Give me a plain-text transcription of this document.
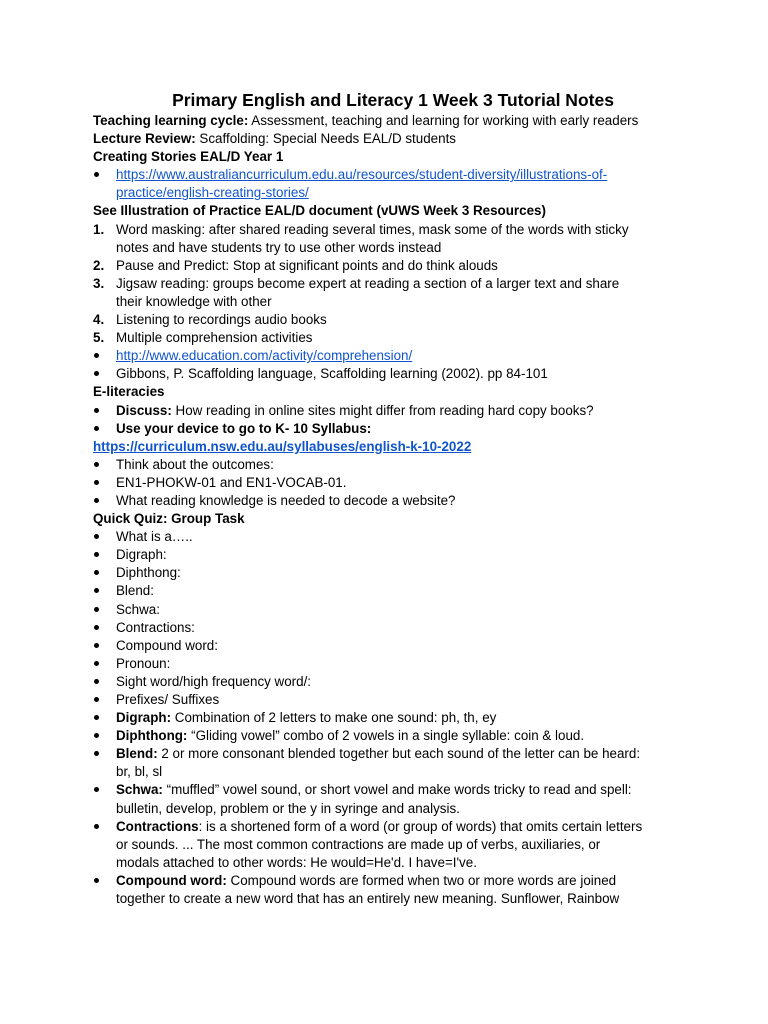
Primary English and Literacy 1 Week 3 Tutorial Notes
Teaching learning cycle: Assessment, teaching and learning for working with early readers
Lecture Review: Scaffolding: Special Needs EAL/D students
Creating Stories EAL/D Year 1
https://www.australiancurriculum.edu.au/resources/student-diversity/illustrations-of-
practice/english-creating-stories/
See Illustration of Practice EAL/D document (vUWS Week 3 Resources)
1. Word masking: after shared reading several times, mask some of the words with sticky
notes and have students try to use other words instead
2. Pause and Predict: Stop at significant points and do think alouds
3. Jigsaw reading: groups become expert at reading a section of a larger text and share
their knowledge with other
4. Listening to recordings audio books
5. Multiple comprehension activities
http://www.education.com/activity/comprehension/
Gibbons, P. Scaffolding language, Scaffolding learning (2002). pp 84-101
E-literacies
Discuss: How reading in online sites might differ from reading hard copy books?
Use your device to go to K- 10 Syllabus:
https://curriculum.nsw.edu.au/syllabuses/english-k-10-2022
Think about the outcomes:
EN1-PHOKW-01 and EN1-VOCAB-01.
What reading knowledge is needed to decode a website?
Quick Quiz: Group Task
What is a…..
Digraph:
Diphthong:
Blend:
Schwa:
Contractions:
Compound word:
Pronoun:
Sight word/high frequency word/:
Prefixes/ Suffixes
Digraph: Combination of 2 letters to make one sound: ph, th, ey
Diphthong: “Gliding vowel” combo of 2 vowels in a single syllable: coin & loud.
Blend: 2 or more consonant blended together but each sound of the letter can be heard:
br, bl, sl
Schwa: “muffled” vowel sound, or short vowel and make words tricky to read and spell:
bulletin, develop, problem or the y in syringe and analysis.
Contractions: is a shortened form of a word (or group of words) that omits certain letters
or sounds. ... The most common contractions are made up of verbs, auxiliaries, or
modals attached to other words: He would=He'd. I have=I've.
Compound word: Compound words are formed when two or more words are joined
together to create a new word that has an entirely new meaning. Sunflower, Rainbow
